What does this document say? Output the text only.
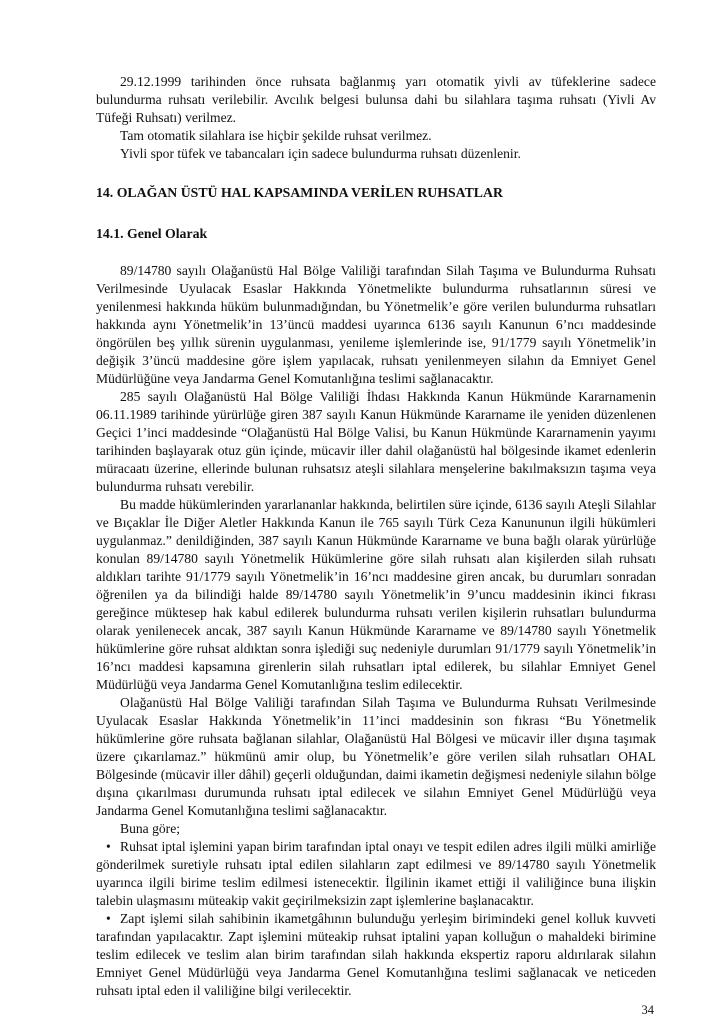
29.12.1999 tarihinden önce ruhsata bağlanmış yarı otomatik yivli av tüfeklerine sadece bulundurma ruhsatı verilebilir. Avcılık belgesi bulunsa dahi bu silahlara taşıma ruhsatı (Yivli Av Tüfeği Ruhsatı) verilmez.

Tam otomatik silahlara ise hiçbir şekilde ruhsat verilmez.

Yivli spor tüfek ve tabancaları için sadece bulundurma ruhsatı düzenlenir.

14. OLAĞAN ÜSTÜ HAL KAPSAMINDA VERİLEN RUHSATLAR
14.1. Genel Olarak

89/14780 sayılı Olağanüstü Hal Bölge Valiliği tarafından Silah Taşıma ve Bulundurma Ruhsatı Verilmesinde Uyulacak Esaslar Hakkında Yönetmelikte bulundurma ruhsatlarının süresi ve yenilenmesi hakkında hüküm bulunmadığından, bu Yönetmelik’e göre verilen bulundurma ruhsatları hakkında aynı Yönetmelik’in 13’üncü maddesi uyarınca 6136 sayılı Kanunun 6’ncı maddesinde öngörülen beş yıllık sürenin uygulanması, yenileme işlemlerinde ise, 91/1779 sayılı Yönetmelik’in değişik 3’üncü maddesine göre işlem yapılacak, ruhsatı yenilenmeyen silahın da Emniyet Genel Müdürlüğüne veya Jandarma Genel Komutanlığına teslimi sağlanacaktır.

285 sayılı Olağanüstü Hal Bölge Valiliği İhdası Hakkında Kanun Hükmünde Kararnamenin 06.11.1989 tarihinde yürürlüğe giren 387 sayılı Kanun Hükmünde Kararname ile yeniden düzenlenen Geçici 1’inci maddesinde “Olağanüstü Hal Bölge Valisi, bu Kanun Hükmünde Kararnamenin yayımı tarihinden başlayarak otuz gün içinde, mücavir iller dahil olağanüstü hal bölgesinde ikamet edenlerin müracaatı üzerine, ellerinde bulunan ruhsatsız ateşli silahlara menşelerine bakılmaksızın taşıma veya bulundurma ruhsatı verebilir.

Bu madde hükümlerinden yararlananlar hakkında, belirtilen süre içinde, 6136 sayılı Ateşli Silahlar ve Bıçaklar İle Diğer Aletler Hakkında Kanun ile 765 sayılı Türk Ceza Kanununun ilgili hükümleri uygulanmaz.” denildiğinden, 387 sayılı Kanun Hükmünde Kararname ve buna bağlı olarak yürürlüğe konulan 89/14780 sayılı Yönetmelik Hükümlerine göre silah ruhsatı alan kişilerden silah ruhsatı aldıkları tarihte 91/1779 sayılı Yönetmelik’in 16’ncı maddesine giren ancak, bu durumları sonradan öğrenilen ya da bilindiği halde 89/14780 sayılı Yönetmelik’in 9’uncu maddesinin ikinci fıkrası gereğince müktesep hak kabul edilerek bulundurma ruhsatı verilen kişilerin ruhsatları bulundurma olarak yenilenecek ancak, 387 sayılı Kanun Hükmünde Kararname ve 89/14780 sayılı Yönetmelik hükümlerine göre ruhsat aldıktan sonra işlediği suç nedeniyle durumları 91/1779 sayılı Yönetmelik’in 16’ncı maddesi kapsamına girenlerin silah ruhsatları iptal edilerek, bu silahlar Emniyet Genel Müdürlüğü veya Jandarma Genel Komutanlığına teslim edilecektir.

Olağanüstü Hal Bölge Valiliği tarafından Silah Taşıma ve Bulundurma Ruhsatı Verilmesinde Uyulacak Esaslar Hakkında Yönetmelik’in 11’inci maddesinin son fıkrası “Bu Yönetmelik hükümlerine göre ruhsata bağlanan silahlar, Olağanüstü Hal Bölgesi ve mücavir iller dışına taşımak üzere çıkarılamaz.” hükmünü amir olup, bu Yönetmelik’e göre verilen silah ruhsatları OHAL Bölgesinde (mücavir iller dâhil) geçerli olduğundan, daimi ikametin değişmesi nedeniyle silahın bölge dışına çıkarılması durumunda ruhsatı iptal edilecek ve silahın Emniyet Genel Müdürlüğü veya Jandarma Genel Komutanlığına teslimi sağlanacaktır.

Buna göre;

• Ruhsat iptal işlemini yapan birim tarafından iptal onayı ve tespit edilen adres ilgili mülki amirliğe gönderilmek suretiyle ruhsatı iptal edilen silahların zapt edilmesi ve 89/14780 sayılı Yönetmelik uyarınca ilgili birime teslim edilmesi istenecektir. İlgilinin ikamet ettiği il valiliğince buna ilişkin talebin ulaşmasını müteakip vakit geçirilmeksizin zapt işlemlerine başlanacaktır.

• Zapt işlemi silah sahibinin ikametgâhının bulunduğu yerleşim birimindeki genel kolluk kuvveti tarafından yapılacaktır. Zapt işlemini müteakip ruhsat iptalini yapan kolluğun o mahaldeki birimine teslim edilecek ve teslim alan birim tarafından silah hakkında ekspertiz raporu aldırılarak silahın Emniyet Genel Müdürlüğü veya Jandarma Genel Komutanlığına teslimi sağlanacak ve neticeden ruhsatı iptal eden il valiliğine bilgi verilecektir.

34
